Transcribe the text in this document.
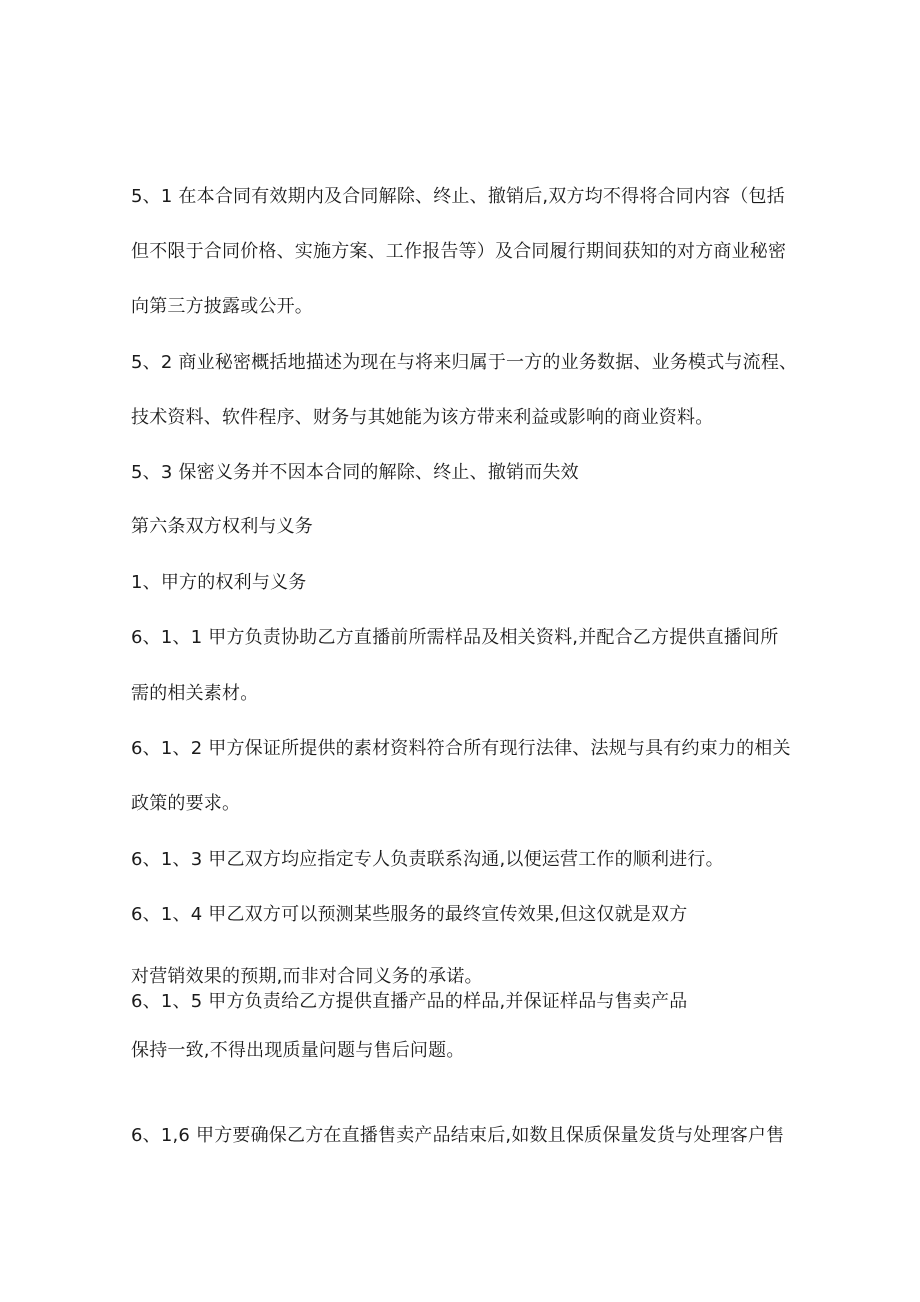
5、1 在本合同有效期内及合同解除、终止、撤销后,双方均不得将合同内容（包括
但不限于合同价格、实施方案、工作报告等）及合同履行期间获知的对方商业秘密
向第三方披露或公开。
5、2 商业秘密概括地描述为现在与将来归属于一方的业务数据、业务模式与流程、
技术资料、软件程序、财务与其她能为该方带来利益或影响的商业资料。
5、3 保密义务并不因本合同的解除、终止、撤销而失效
第六条双方权利与义务
1、甲方的权利与义务
6、1、1 甲方负责协助乙方直播前所需样品及相关资料,并配合乙方提供直播间所
需的相关素材。
6、1、2 甲方保证所提供的素材资料符合所有现行法律、法规与具有约束力的相关
政策的要求。
6、1、3 甲乙双方均应指定专人负责联系沟通,以便运营工作的顺利进行。
6、1、4 甲乙双方可以预测某些服务的最终宣传效果,但这仅就是双方
对营销效果的预期,而非对合同义务的承诺。
6、1、5 甲方负责给乙方提供直播产品的样品,并保证样品与售卖产品
保持一致,不得出现质量问题与售后问题。
6、1,6 甲方要确保乙方在直播售卖产品结束后,如数且保质保量发货与处理客户售
